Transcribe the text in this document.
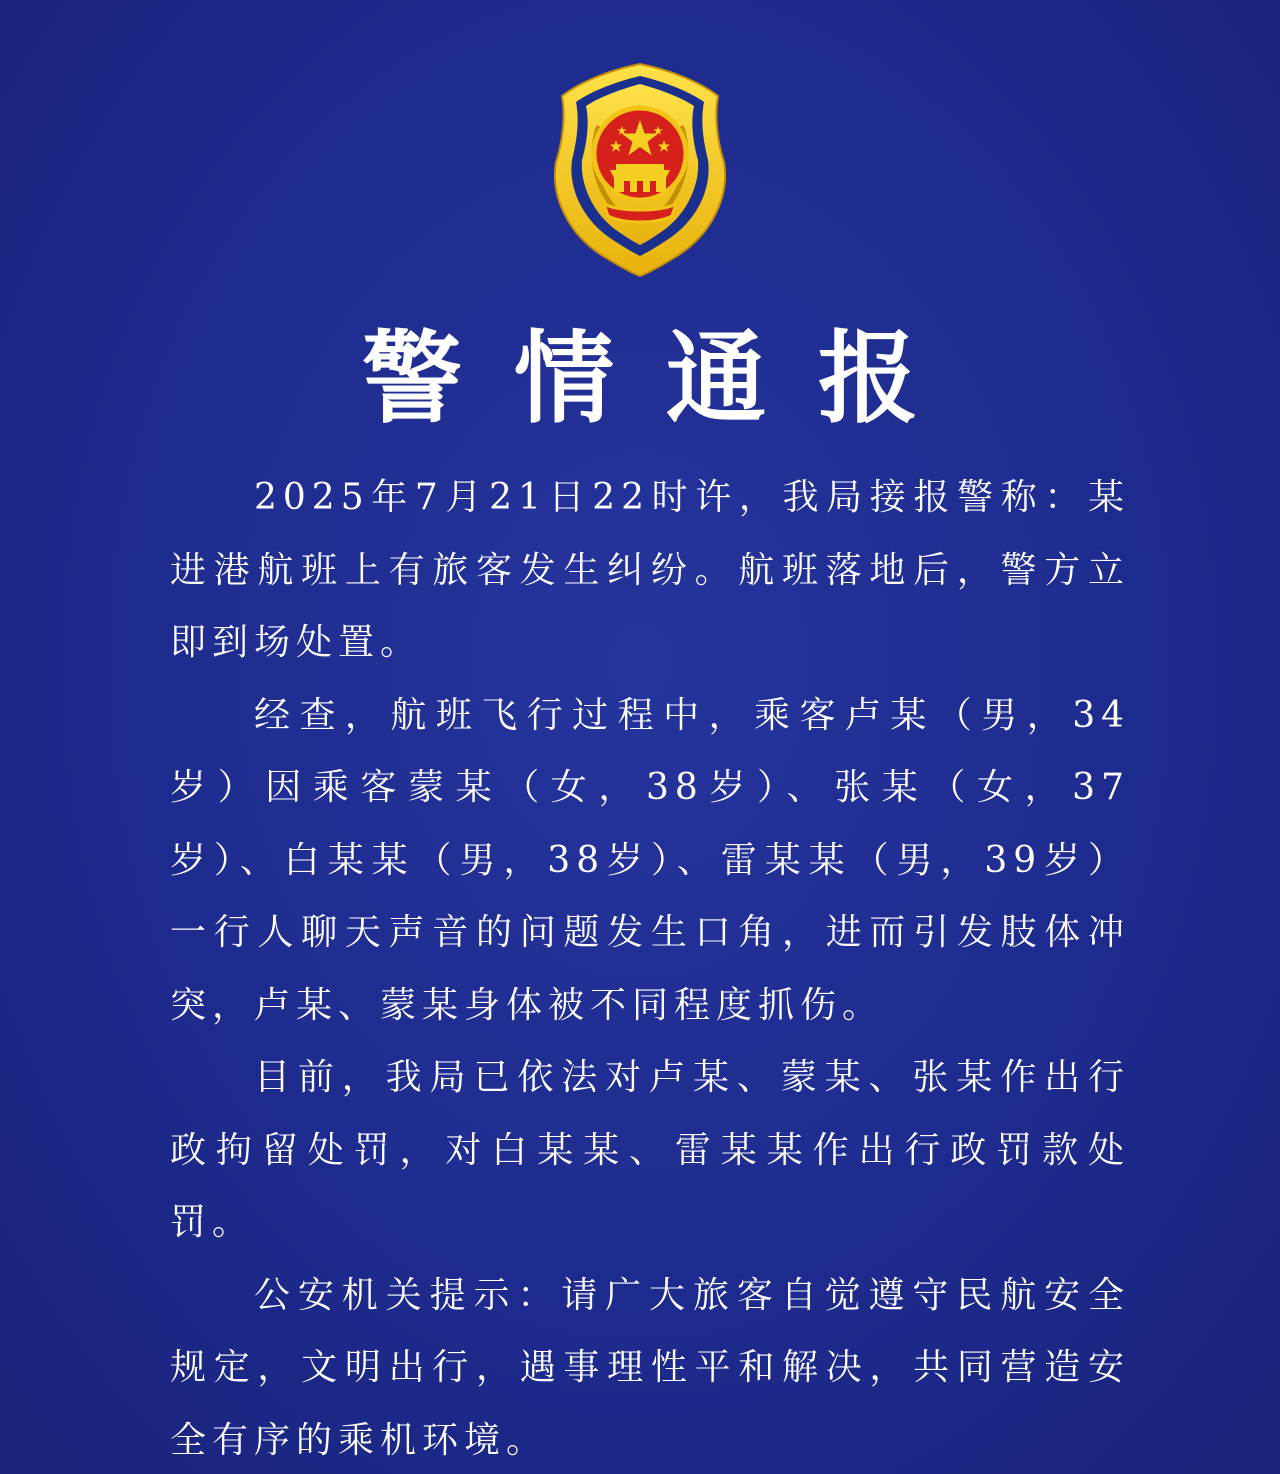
警情通报

2025年7月21日22时许，我局接报警称：某进港航班上有旅客发生纠纷。航班落地后，警方立即到场处置。

经查，航班飞行过程中，乘客卢某（男，34岁）因乘客蒙某（女，38岁）、张某（女，37岁）、白某某（男，38岁）、雷某某（男，39岁）一行人聊天声音的问题发生口角，进而引发肢体冲突，卢某、蒙某身体被不同程度抓伤。

目前，我局已依法对卢某、蒙某、张某作出行政拘留处罚，对白某某、雷某某作出行政罚款处罚。

公安机关提示：请广大旅客自觉遵守民航安全规定，文明出行，遇事理性平和解决，共同营造安全有序的乘机环境。
